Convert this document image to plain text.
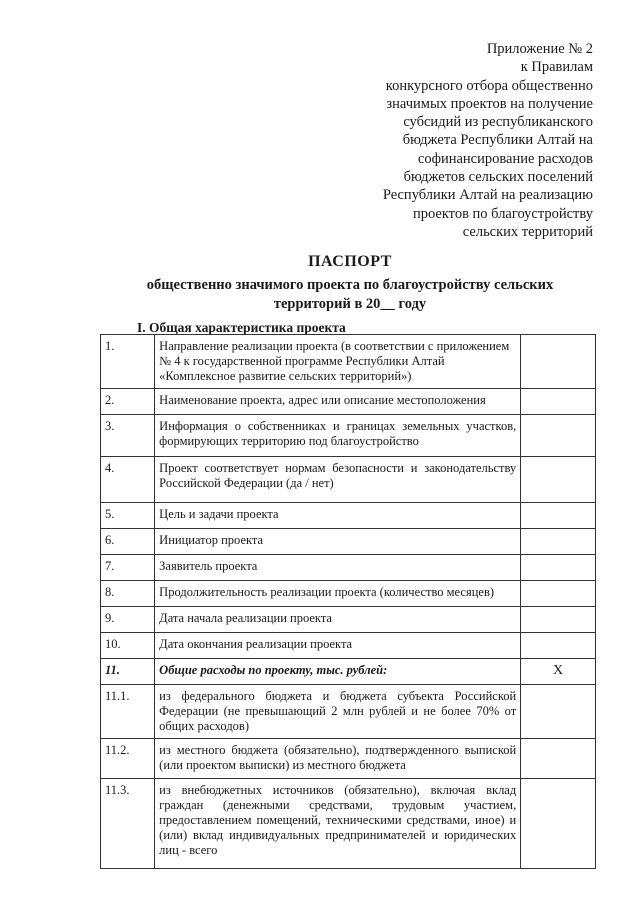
Приложение № 2
к Правилам
конкурсного отбора общественно
значимых проектов на получение
субсидий из республиканского
бюджета Республики Алтай на
софинансирование расходов
бюджетов сельских поселений
Республики Алтай на реализацию
проектов по благоустройству
сельских территорий
ПАСПОРТ
общественно значимого проекта по благоустройству сельских
территорий в 20__ году
I. Общая характеристика проекта
1.	Направление реализации проекта (в соответствии с приложением № 4 к государственной программе Республики Алтай «Комплексное развитие сельских территорий»)	
2.	Наименование проекта, адрес или описание местоположения	
3.	Информация о собственниках и границах земельных участков, формирующих территорию под благоустройство	
4.	Проект соответствует нормам безопасности и законодательству Российской Федерации (да / нет)	
5.	Цель и задачи проекта	
6.	Инициатор проекта	
7.	Заявитель проекта	
8.	Продолжительность реализации проекта (количество месяцев)	
9.	Дата начала реализации проекта	
10.	Дата окончания реализации проекта	
11.	Общие расходы по проекту, тыс. рублей:	X
11.1.	из федерального бюджета и бюджета субъекта Российской Федерации (не превышающий 2 млн рублей и не более 70% от общих расходов)	
11.2.	из местного бюджета (обязательно), подтвержденного выпиской (или проектом выписки) из местного бюджета	
11.3.	из внебюджетных источников (обязательно), включая вклад граждан (денежными средствами, трудовым участием, предоставлением помещений, техническими средствами, иное) и (или) вклад индивидуальных предпринимателей и юридических лиц - всего	
